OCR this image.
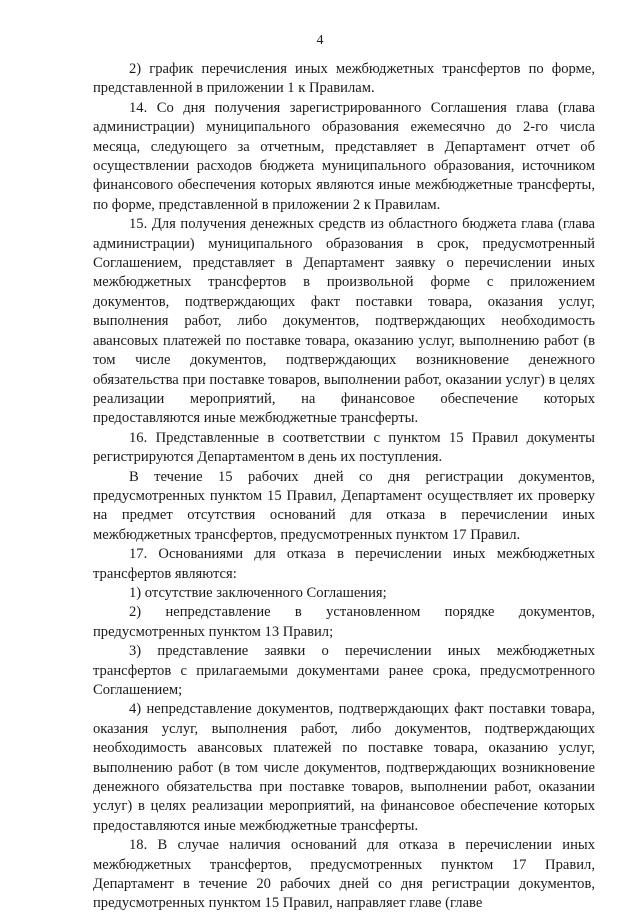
4

2) график перечисления иных межбюджетных трансфертов по форме, представленной в приложении 1 к Правилам.

14. Со дня получения зарегистрированного Соглашения глава (глава администрации) муниципального образования ежемесячно до 2-го числа месяца, следующего за отчетным, представляет в Департамент отчет об осуществлении расходов бюджета муниципального образования, источником финансового обеспечения которых являются иные межбюджетные трансферты, по форме, представленной в приложении 2 к Правилам.

15. Для получения денежных средств из областного бюджета глава (глава администрации) муниципального образования в срок, предусмотренный Соглашением, представляет в Департамент заявку о перечислении иных межбюджетных трансфертов в произвольной форме с приложением документов, подтверждающих факт поставки товара, оказания услуг, выполнения работ, либо документов, подтверждающих необходимость авансовых платежей по поставке товара, оказанию услуг, выполнению работ (в том числе документов, подтверждающих возникновение денежного обязательства при поставке товаров, выполнении работ, оказании услуг) в целях реализации мероприятий, на финансовое обеспечение которых предоставляются иные межбюджетные трансферты.

16. Представленные в соответствии с пунктом 15 Правил документы регистрируются Департаментом в день их поступления.

В течение 15 рабочих дней со дня регистрации документов, предусмотренных пунктом 15 Правил, Департамент осуществляет их проверку на предмет отсутствия оснований для отказа в перечислении иных межбюджетных трансфертов, предусмотренных пунктом 17 Правил.

17. Основаниями для отказа в перечислении иных межбюджетных трансфертов являются:

1) отсутствие заключенного Соглашения;

2) непредставление в установленном порядке документов, предусмотренных пунктом 13 Правил;

3) представление заявки о перечислении иных межбюджетных трансфертов с прилагаемыми документами ранее срока, предусмотренного Соглашением;

4) непредставление документов, подтверждающих факт поставки товара, оказания услуг, выполнения работ, либо документов, подтверждающих необходимость авансовых платежей по поставке товара, оказанию услуг, выполнению работ (в том числе документов, подтверждающих возникновение денежного обязательства при поставке товаров, выполнении работ, оказании услуг) в целях реализации мероприятий, на финансовое обеспечение которых предоставляются иные межбюджетные трансферты.

18. В случае наличия оснований для отказа в перечислении иных межбюджетных трансфертов, предусмотренных пунктом 17 Правил, Департамент в течение 20 рабочих дней со дня регистрации документов, предусмотренных пунктом 15 Правил, направляет главе (главе
